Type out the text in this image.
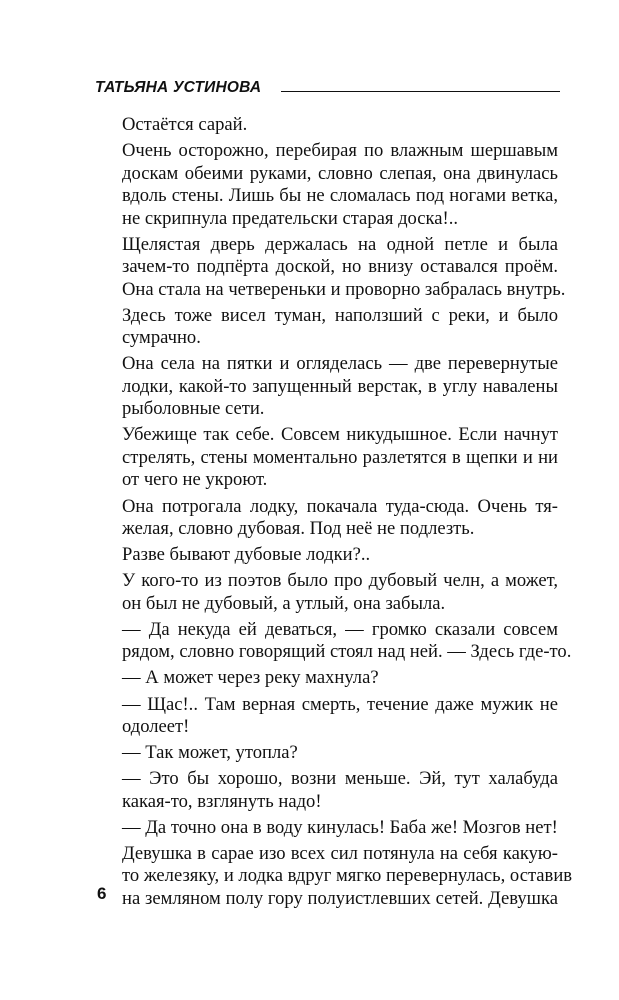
ТАТЬЯНА УСТИНОВА

Остаётся сарай.

Очень осторожно, перебирая по влажным шершавым
доскам обеими руками, словно слепая, она двинулась
вдоль стены. Лишь бы не сломалась под ногами ветка,
не скрипнула предательски старая доска!..

Щелястая дверь держалась на одной петле и была
зачем-то подпёрта доской, но внизу оставался проём.
Она стала на четвереньки и проворно забралась внутрь.

Здесь тоже висел туман, наползший с реки, и было
сумрачно.

Она села на пятки и огляделась — две перевернутые
лодки, какой-то запущенный верстак, в углу навалены
рыболовные сети.

Убежище так себе. Совсем никудышное. Если начнут
стрелять, стены моментально разлетятся в щепки и ни
от чего не укроют.

Она потрогала лодку, покачала туда-сюда. Очень тя-
желая, словно дубовая. Под неё не подлезть.

Разве бывают дубовые лодки?..

У кого-то из поэтов было про дубовый челн, а может,
он был не дубовый, а утлый, она забыла.

— Да некуда ей деваться, — громко сказали совсем
рядом, словно говорящий стоял над ней. — Здесь где-то.

— А может через реку махнула?

— Щас!.. Там верная смерть, течение даже мужик не
одолеет!

— Так может, утопла?

— Это бы хорошо, возни меньше. Эй, тут халабуда
какая-то, взглянуть надо!

— Да точно она в воду кинулась! Баба же! Мозгов нет!

Девушка в сарае изо всех сил потянула на себя какую-
то железяку, и лодка вдруг мягко перевернулась, оставив
на земляном полу гору полуистлевших сетей. Девушка

6
